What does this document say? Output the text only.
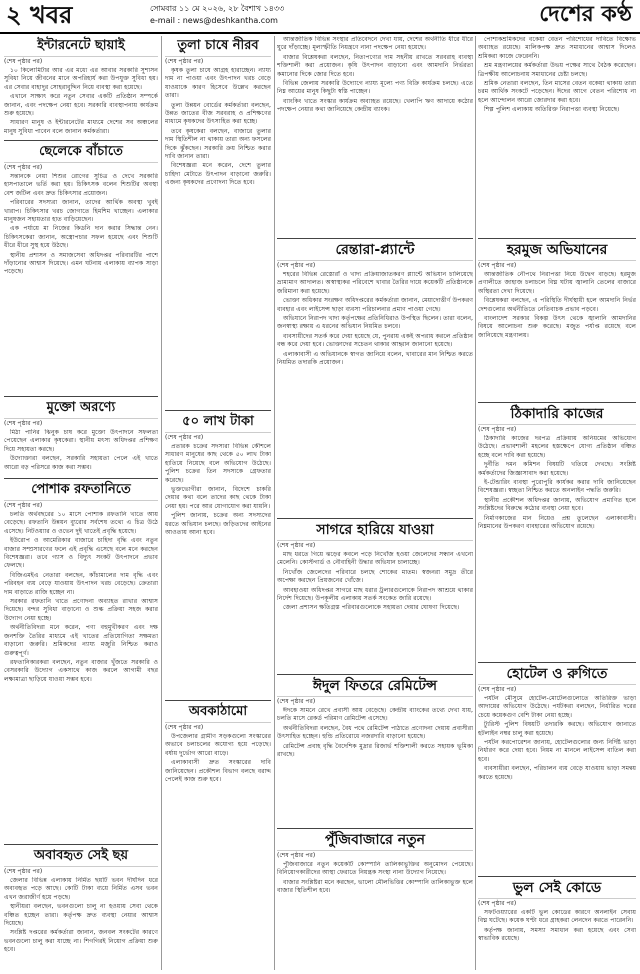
২ খবর	সোমবার ১১ মে ২০২৬, ২৮ বৈশাখ ১৪৩৩
e-mail : news@deshkantha.com	দেশের কণ্ঠ
ইন্টারনেটে ছায়াই
(শেষ পৃষ্ঠার পর)

১০ কিলোমিটার আর এর মধ্যে এর আবার সরকারি সুশাসন সুবিধা নিয়ে জীবনের মানে অপরিহার্য করা উপযুক্ত সুবিধা হয়। এর সেবার বাহাদুর সোহরাবুদ্দিন নিয়ে ব্যবস্থা করা হয়েছে।

এখানে সাক্ষাৎ করে নতুন সেবার একটি প্রতিষ্ঠান সম্পর্কে জানান, এবং পদক্ষেপ নেয়া হবে। সরকারি ব্যবস্থাপনায় কার্যক্রম শুরু হয়েছে।

সাধারণ মানুষ ও ইন্টারনেটের মাধ্যমে দেশের সব অঞ্চলের মানুষ সুবিধা পাবেন বলে জানান কর্মকর্তারা।

ছেলেকে বাঁচাতে
(শেষ পৃষ্ঠার পর)

সন্তানকে নেয়া শিশুর রোগের সুচিত্র ও দেখে সরকারি হাসপাতালে ভর্তি করা হয়। চিকিৎসক বলেন শিশুটির অবস্থা বেশ জটিল এবং দ্রুত চিকিৎসার প্রয়োজন।

পরিবারের সদস্যরা জানান, তাদের আর্থিক অবস্থা খুবই খারাপ। চিকিৎসার খরচ জোগাতে হিমশিম খাচ্ছেন। এলাকার মানুষজন সহায়তার হাত বাড়িয়েছেন।

এক পর্যায়ে মা নিজের কিডনি দান করার সিদ্ধান্ত নেন। চিকিৎসকেরা জানান, অস্ত্রোপচার সফল হয়েছে এবং শিশুটি ধীরে ধীরে সুস্থ হয়ে উঠছে।

স্থানীয় প্রশাসন ও সমাজসেবা অধিদপ্তর পরিবারটির পাশে দাঁড়ানোর আশ্বাস দিয়েছে। এমন ঘটনায় এলাকায় ব্যাপক সাড়া পড়েছে।

মুক্তো অরণ্যে
(শেষ পৃষ্ঠার পর)

মিঠা পানির ঝিনুক চাষ করে মুক্তো উৎপাদনে সফলতা পেয়েছেন এলাকার কৃষকেরা। স্থানীয় মৎস্য অধিদপ্তর প্রশিক্ষণ দিয়ে সহায়তা করছে।

উদ্যোক্তারা বলছেন, সরকারি সহায়তা পেলে এই খাতে আরো বড় পরিসরে কাজ করা সম্ভব।

পোশাক রফতানিতে
(শেষ পৃষ্ঠার পর)

চলতি অর্থবছরের ১০ মাসে পোশাক রফতানি খাতে আয় বেড়েছে। রফতানি উন্নয়ন ব্যুরোর সর্বশেষ তথ্যে এ চিত্র উঠে এসেছে। নিটওয়্যার ও ওভেন দুই খাতেই প্রবৃদ্ধি হয়েছে।

ইউরোপ ও আমেরিকার বাজারে চাহিদা বৃদ্ধি এবং নতুন বাজার সম্প্রসারণের ফলে এই প্রবৃদ্ধি এসেছে বলে মনে করছেন বিশেষজ্ঞরা। তবে গ্যাস ও বিদ্যুৎ সংকট উৎপাদনে প্রভাব ফেলছে।

বিজিএমইএ নেতারা বলছেন, কাঁচামালের দাম বৃদ্ধি এবং পরিবহন ব্যয় বেড়ে যাওয়ায় উৎপাদন খরচ বেড়েছে। ক্রেতারা দাম বাড়াতে রাজি হচ্ছেন না।

সরকার রফতানি খাতে প্রণোদনা অব্যাহত রাখার আশ্বাস দিয়েছে। বন্দর সুবিধা বাড়ানো ও শুল্ক প্রক্রিয়া সহজ করার উদ্যোগ নেয়া হচ্ছে।

অর্থনীতিবিদরা মনে করেন, পণ্য বহুমুখীকরণ এবং দক্ষ জনশক্তি তৈরির মাধ্যমে এই খাতের প্রতিযোগিতা সক্ষমতা বাড়ানো জরুরি। শ্রমিকদের ন্যায্য মজুরি নিশ্চিত করাও গুরুত্বপূর্ণ।

রফতানিকারকরা বলছেন, নতুন বাজার খুঁজতে সরকারি ও বেসরকারি উদ্যোগ একসাথে কাজ করলে আগামী বছর লক্ষ্যমাত্রা ছাড়িয়ে যাওয়া সম্ভব হবে।

অবাবহৃত সেই ছয়
(শেষ পৃষ্ঠার পর)

জেলার বিভিন্ন এলাকায় নির্মিত ছয়টি ভবন দীর্ঘদিন ধরে অব্যবহৃত পড়ে আছে। কোটি টাকা ব্যয়ে নির্মিত এসব ভবন এখন জরাজীর্ণ হয়ে পড়ছে।

স্থানীয়রা বলছেন, ভবনগুলো চালু না হওয়ায় সেবা থেকে বঞ্চিত হচ্ছেন তারা। কর্তৃপক্ষ দ্রুত ব্যবস্থা নেয়ার আশ্বাস দিয়েছে।

সংশ্লিষ্ট দপ্তরের কর্মকর্তারা জানান, জনবল সংকটের কারণে ভবনগুলো চালু করা যাচ্ছে না। শিগগিরই নিয়োগ প্রক্রিয়া শুরু হবে।

তুলা চাষে নীরব
(শেষ পৃষ্ঠার পর)

কৃষক তুলা চাষে আগ্রহ হারাচ্ছেন। ন্যায্য দাম না পাওয়া এবং উৎপাদন খরচ বেড়ে যাওয়াকে কারণ হিসেবে উল্লেখ করছেন তারা।

তুলা উন্নয়ন বোর্ডের কর্মকর্তারা বলছেন, উন্নত জাতের বীজ সরবরাহ ও প্রশিক্ষণের মাধ্যমে কৃষকদের উৎসাহিত করা হচ্ছে।

তবে কৃষকেরা বলছেন, বাজারে তুলার দাম স্থিতিশীল না থাকায় তারা অন্য ফসলের দিকে ঝুঁকছেন। সরকারি ক্রয় নিশ্চিত করার দাবি জানান তারা।

বিশেষজ্ঞরা মনে করেন, দেশে তুলার চাহিদা মেটাতে উৎপাদন বাড়ানো জরুরি। এজন্য কৃষকদের প্রণোদনা দিতে হবে।

৫০ লাখ টাকা
(শেষ পৃষ্ঠার পর)

প্রতারক চক্রের সদস্যরা বিভিন্ন কৌশলে সাধারণ মানুষের কাছ থেকে ৫০ লাখ টাকা হাতিয়ে নিয়েছে বলে অভিযোগ উঠেছে। পুলিশ চক্রের তিন সদস্যকে গ্রেফতার করেছে।

ভুক্তভোগীরা জানান, বিদেশে চাকরি দেয়ার কথা বলে তাদের কাছ থেকে টাকা নেয়া হয়। পরে আর যোগাযোগ করা যায়নি।

পুলিশ জানায়, চক্রের অন্য সদস্যদের ধরতে অভিযান চলছে। জড়িতদের আইনের আওতায় আনা হবে।

অবকাঠামো
(শেষ পৃষ্ঠার পর)

উপজেলার গ্রামীণ সড়কগুলো সংস্কারের অভাবে চলাচলের অযোগ্য হয়ে পড়েছে। বর্ষায় দুর্ভোগ আরো বাড়ে।

এলাকাবাসী দ্রুত সংস্কারের দাবি জানিয়েছেন। প্রকৌশল বিভাগ বলছে বরাদ্দ পেলেই কাজ শুরু হবে।

আন্তর্জাতিক বিভিন্ন সংস্থার প্রতিবেদনে দেখা যায়, দেশের অর্থনীতি ধীরে ধীরে ঘুরে দাঁড়াচ্ছে। মূল্যস্ফীতি নিয়ন্ত্রণে নানা পদক্ষেপ নেয়া হয়েছে।

বাজার বিশ্লেষকরা বলছেন, নিত্যপণ্যের দাম সহনীয় রাখতে সরবরাহ ব্যবস্থা শক্তিশালী করা প্রয়োজন। কৃষি উৎপাদন বাড়ানো এবং আমদানি নির্ভরতা কমানোর দিকে জোর দিতে হবে।

বিভিন্ন জেলায় সরকারি উদ্যোগে ন্যায্য মূল্যে পণ্য বিক্রি কার্যক্রম চলছে। এতে নিম্ন আয়ের মানুষ কিছুটা স্বস্তি পাচ্ছেন।

ব্যাংকিং খাতে সংস্কার কার্যক্রম অব্যাহত রয়েছে। খেলাপি ঋণ আদায়ে কঠোর পদক্ষেপ নেয়ার কথা জানিয়েছে কেন্দ্রীয় ব্যাংক।

রেন্তারা-প্ল্যান্টে
(শেষ পৃষ্ঠার পর)

শহরের বিভিন্ন রেস্তোরাঁ ও খাদ্য প্রক্রিয়াজাতকরণ প্ল্যান্টে অভিযান চালিয়েছে ভ্রাম্যমাণ আদালত। অস্বাস্থ্যকর পরিবেশে খাবার তৈরির দায়ে কয়েকটি প্রতিষ্ঠানকে জরিমানা করা হয়েছে।

ভোক্তা অধিকার সংরক্ষণ অধিদপ্তরের কর্মকর্তারা জানান, মেয়াদোত্তীর্ণ উপকরণ ব্যবহার এবং লাইসেন্স ছাড়া ব্যবসা পরিচালনার প্রমাণ পাওয়া গেছে।

অভিযানে নিরাপদ খাদ্য কর্তৃপক্ষের প্রতিনিধিরাও উপস্থিত ছিলেন। তারা বলেন, জনস্বাস্থ্য রক্ষায় এ ধরনের অভিযান নিয়মিত চলবে।

ব্যবসায়ীদের সতর্ক করে দেয়া হয়েছে যে, পুনরায় একই অপরাধ করলে প্রতিষ্ঠান বন্ধ করে দেয়া হবে। ভোক্তাদের সচেতন থাকার আহ্বান জানানো হয়েছে।

এলাকাবাসী এ অভিযানকে স্বাগত জানিয়ে বলেন, খাবারের মান নিশ্চিত করতে নিয়মিত তদারকি প্রয়োজন।

সাগরে হারিয়ে যাওয়া
(শেষ পৃষ্ঠার পর)

মাছ ধরতে গিয়ে ঝড়ের কবলে পড়ে নিখোঁজ হওয়া জেলেদের সন্ধান এখনো মেলেনি। কোস্টগার্ড ও নৌবাহিনী উদ্ধার অভিযান চালাচ্ছে।

নিখোঁজ জেলেদের পরিবারে চলছে শোকের মাতম। স্বজনরা সমুদ্র তীরে অপেক্ষা করছেন প্রিয়জনের খোঁজে।

আবহাওয়া অধিদপ্তর সাগরে মাছ ধরার ট্রলারগুলোকে নিরাপদ আশ্রয়ে থাকার নির্দেশ দিয়েছে। উপকূলীয় এলাকায় সতর্ক সংকেত জারি রয়েছে।

জেলা প্রশাসন ক্ষতিগ্রস্ত পরিবারগুলোকে সহায়তা দেয়ার ঘোষণা দিয়েছে।

ঈদুল ফিতরে রেমিটেন্স
(শেষ পৃষ্ঠার পর)

ঈদকে সামনে রেখে প্রবাসী আয় বেড়েছে। কেন্দ্রীয় ব্যাংকের তথ্যে দেখা যায়, চলতি মাসে রেকর্ড পরিমাণ রেমিটেন্স এসেছে।

অর্থনীতিবিদরা বলছেন, বৈধ পথে রেমিটেন্স পাঠাতে প্রণোদনা দেয়ায় প্রবাসীরা উৎসাহিত হচ্ছেন। হুন্ডি প্রতিরোধে নজরদারি বাড়ানো হয়েছে।

রেমিটেন্স প্রবাহ বৃদ্ধি বৈদেশিক মুদ্রার রিজার্ভ শক্তিশালী করতে সহায়ক ভূমিকা রাখছে।

পুঁজিবাজারে নতুন
(শেষ পৃষ্ঠার পর)

পুঁজিবাজারে নতুন কয়েকটি কোম্পানি তালিকাভুক্তির অনুমোদন পেয়েছে। বিনিয়োগকারীদের আস্থা ফেরাতে নিয়ন্ত্রক সংস্থা নানা উদ্যোগ নিয়েছে।

বাজার সংশ্লিষ্টরা মনে করছেন, ভালো মৌলভিত্তির কোম্পানি তালিকাভুক্ত হলে বাজার স্থিতিশীল হবে।

পোশাকশ্রমিকদের বকেয়া বেতন পরিশোধের দাবিতে বিক্ষোভ অব্যাহত রয়েছে। মালিকপক্ষ দ্রুত সমাধানের আশ্বাস দিলেও শ্রমিকরা কাজে ফেরেননি।

শ্রম মন্ত্রণালয়ের কর্মকর্তারা উভয় পক্ষের সাথে বৈঠক করেছেন। ত্রিপক্ষীয় আলোচনায় সমাধানের চেষ্টা চলছে।

শ্রমিক নেতারা বলছেন, তিন মাসের বেতন বকেয়া থাকায় তারা চরম আর্থিক সংকটে পড়েছেন। ঈদের আগে বেতন পরিশোধ না হলে আন্দোলন আরো জোরদার করা হবে।

শিল্প পুলিশ এলাকায় অতিরিক্ত নিরাপত্তা ব্যবস্থা নিয়েছে।

হরমুজ অভিযানের
(শেষ পৃষ্ঠার পর)

আন্তর্জাতিক নৌপথে নিরাপত্তা নিয়ে উদ্বেগ বাড়ছে। হরমুজ প্রণালীতে জাহাজ চলাচলে বিঘ্ন ঘটায় জ্বালানি তেলের বাজারে অস্থিরতা দেখা দিয়েছে।

বিশ্লেষকরা বলছেন, এ পরিস্থিতি দীর্ঘস্থায়ী হলে আমদানি নির্ভর দেশগুলোর অর্থনীতিতে নেতিবাচক প্রভাব পড়বে।

বাংলাদেশ সরকার বিকল্প উৎস থেকে জ্বালানি আমদানির বিষয়ে আলোচনা শুরু করেছে। মজুত পর্যাপ্ত রয়েছে বলে জানিয়েছে মন্ত্রণালয়।

ঠিকাদারি কাজের
(শেষ পৃষ্ঠার পর)

ঠিকাদারি কাজের দরপত্র প্রক্রিয়ায় অনিয়মের অভিযোগ উঠেছে। প্রভাবশালী মহলের হস্তক্ষেপে যোগ্য প্রতিষ্ঠান বঞ্চিত হচ্ছে বলে দাবি করা হয়েছে।

দুর্নীতি দমন কমিশন বিষয়টি খতিয়ে দেখছে। সংশ্লিষ্ট কর্মকর্তাদের জিজ্ঞাসাবাদ করা হয়েছে।

ই-টেন্ডারিং ব্যবস্থা পুরোপুরি কার্যকর করার দাবি জানিয়েছেন বিশেষজ্ঞরা। স্বচ্ছতা নিশ্চিত করতে অনলাইন পদ্ধতি জরুরি।

স্থানীয় প্রকৌশল অধিদপ্তর জানায়, অভিযোগ প্রমাণিত হলে সংশ্লিষ্টদের বিরুদ্ধে কঠোর ব্যবস্থা নেয়া হবে।

নির্মাণকাজের মান নিয়েও প্রশ্ন তুলেছেন এলাকাবাসী। নিম্নমানের উপকরণ ব্যবহারের অভিযোগ রয়েছে।

হোটেল ও রুগিতে
(শেষ পৃষ্ঠার পর)

পর্যটন মৌসুমে হোটেল-মোটেলগুলোতে অতিরিক্ত ভাড়া আদায়ের অভিযোগ উঠেছে। পর্যটকরা বলছেন, নির্ধারিত দরের চেয়ে কয়েকগুণ বেশি টাকা নেয়া হচ্ছে।

ট্যুরিস্ট পুলিশ বিষয়টি তদারকি করছে। অভিযোগ জানাতে হটলাইন নম্বর চালু করা হয়েছে।

পর্যটন করপোরেশন জানায়, হোটেলগুলোর জন্য নির্দিষ্ট ভাড়া নির্ধারণ করে দেয়া হবে। নিয়ম না মানলে লাইসেন্স বাতিল করা হবে।

ব্যবসায়ীরা বলছেন, পরিচালন ব্যয় বেড়ে যাওয়ায় ভাড়া সমন্বয় করতে হয়েছে।

ভুল সেই কোডে
(শেষ পৃষ্ঠার পর)

সফটওয়্যারের একটি ভুল কোডের কারণে অনলাইন সেবায় বিঘ্ন ঘটেছে। কয়েক ঘণ্টা ধরে গ্রাহকরা লেনদেন করতে পারেননি।

কর্তৃপক্ষ জানায়, সমস্যা সমাধান করা হয়েছে এবং সেবা স্বাভাবিক রয়েছে।
